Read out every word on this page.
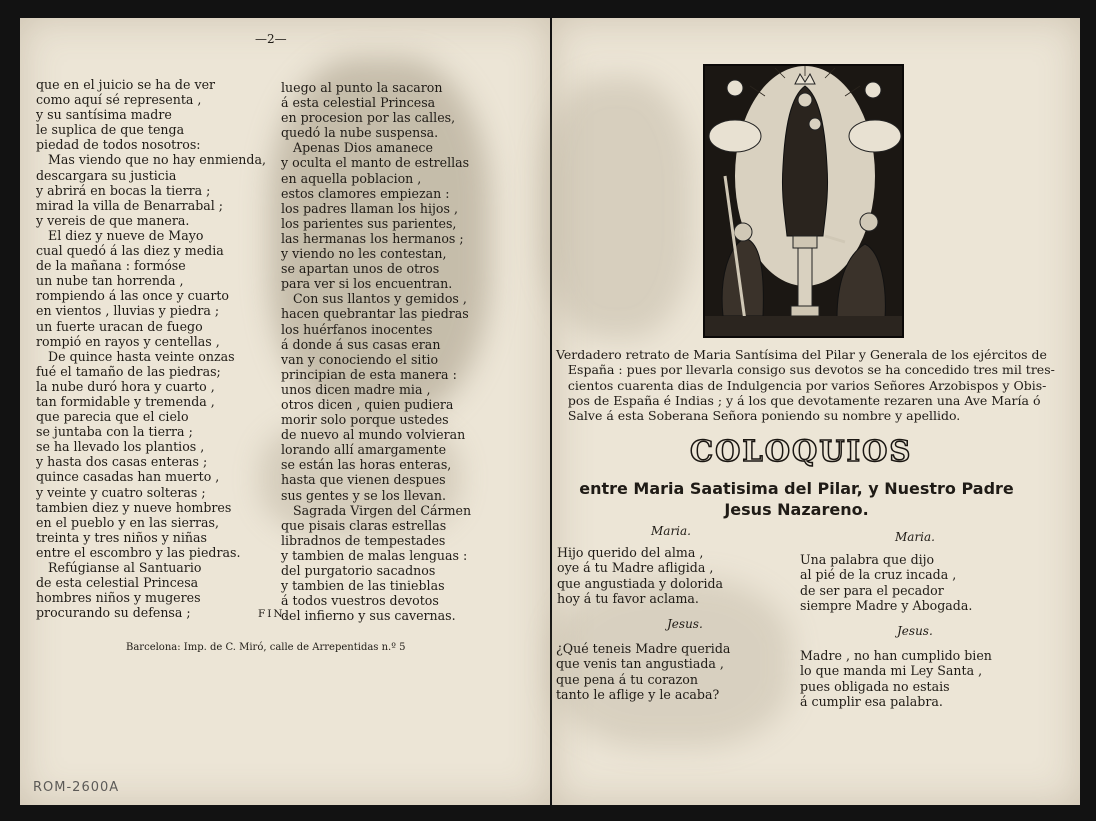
—2—
que en el juicio se ha de ver
como aquí sé representa ,
y su santísima madre
le suplica de que tenga
piedad de todos nosotros:
Mas viendo que no hay enmienda,
descargara su justicia
y abrirá en bocas la tierra ;
mirad la villa de Benarrabal ;
y vereis de que manera.
El diez y nueve de Mayo
cual quedó á las diez y media
de la mañana : formóse
un nube tan horrenda ,
rompiendo á las once y cuarto
en vientos , lluvias y piedra ;
un fuerte uracan de fuego
rompió en rayos y centellas ,
De quince hasta veinte onzas
fué el tamaño de las piedras;
la nube duró hora y cuarto ,
tan formidable y tremenda ,
que parecia que el cielo
se juntaba con la tierra ;
se ha llevado los plantios ,
y hasta dos casas enteras ;
quince casadas han muerto ,
y veinte y cuatro solteras ;
tambien diez y nueve hombres
en el pueblo y en las sierras,
treinta y tres niños y niñas
entre el escombro y las piedras.
Refúgianse al Santuario
de esta celestial Princesa
hombres niños y mugeres
procurando su defensa ;
luego al punto la sacaron
á esta celestial Princesa
en procesion por las calles,
quedó la nube suspensa.
Apenas Dios amanece
y oculta el manto de estrellas
en aquella poblacion ,
estos clamores empiezan :
los padres llaman los hijos ,
los parientes sus parientes,
las hermanas los hermanos ;
y viendo no les contestan,
se apartan unos de otros
para ver si los encuentran.
Con sus llantos y gemidos ,
hacen quebrantar las piedras
los huérfanos inocentes
á donde á sus casas eran
van y conociendo el sitio
principian de esta manera :
unos dicen madre mia ,
otros dicen , quien pudiera
morir solo porque ustedes
de nuevo al mundo volvieran
lorando allí amargamente
se están las horas enteras,
hasta que vienen despues
sus gentes y se los llevan.
Sagrada Virgen del Cármen
que pisais claras estrellas
libradnos de tempestades
y tambien de malas lenguas :
del purgatorio sacadnos
y tambien de las tinieblas
á todos vuestros devotos
del infierno y sus cavernas.
FIN.
Barcelona: Imp. de C. Miró, calle de Arrepentidas n.º 5
ROM-2600A
Verdadero retrato de Maria Santísima del Pilar y Generala de los ejércitos de
España : pues por llevarla consigo sus devotos se ha concedido tres mil tres-
cientos cuarenta dias de Indulgencia por varios Señores Arzobispos y Obis-
pos de España é Indias ; y á los que devotamente rezaren una Ave María ó
Salve á esta Soberana Señora poniendo su nombre y apellido.
COLOQUIOS
entre Maria Saatisima del Pilar, y Nuestro Padre Jesus Nazareno.
Maria.
Hijo querido del alma ,
oye á tu Madre afligida ,
que angustiada y dolorida
hoy á tu favor aclama.
Jesus.
¿Qué teneis Madre querida
que venis tan angustiada ,
que pena á tu corazon
tanto le aflige y le acaba?
Maria.
Una palabra que dijo
al pié de la cruz incada ,
de ser para el pecador
siempre Madre y Abogada.
Jesus.
Madre , no han cumplido bien
lo que manda mi Ley Santa ,
pues obligada no estais
á cumplir esa palabra.
